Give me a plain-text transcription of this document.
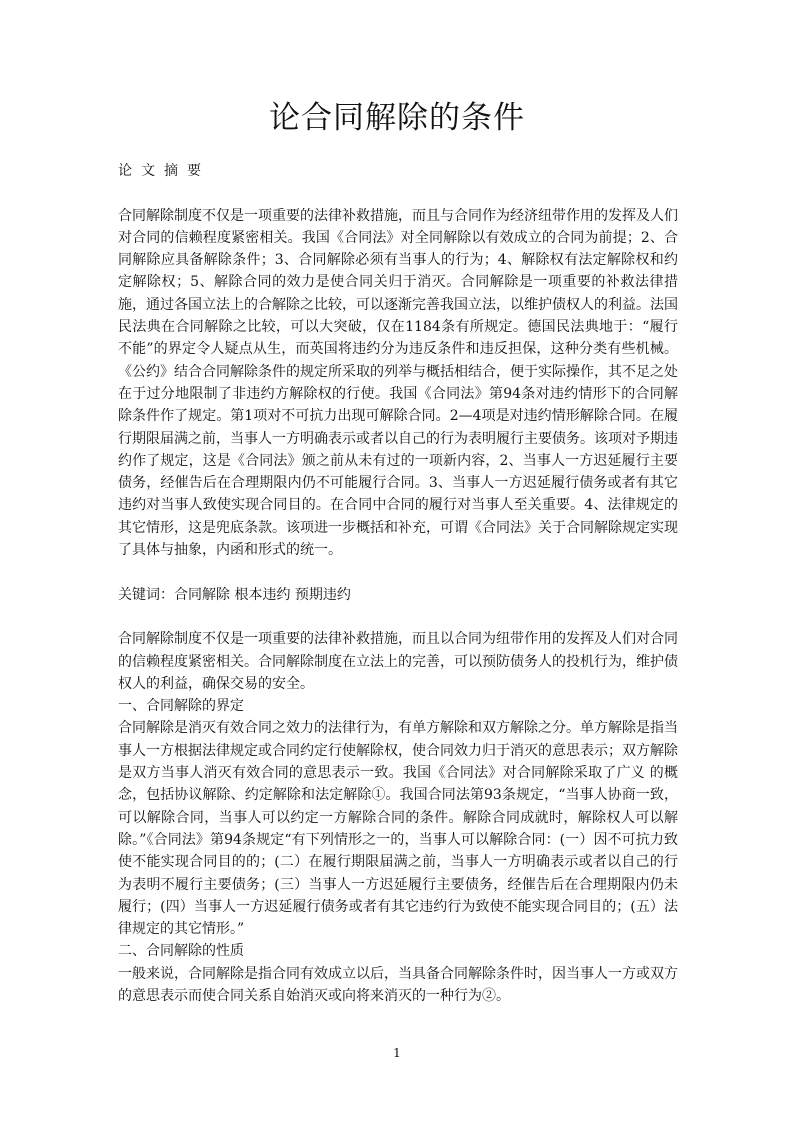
论合同解除的条件

论文摘要

合同解除制度不仅是一项重要的法律补救措施，而且与合同作为经济纽带作用的发挥及人们对合同的信赖程度紧密相关。我国《合同法》对全同解除以有效成立的合同为前提；2、合同解除应具备解除条件；3、合同解除必须有当事人的行为；4、解除权有法定解除权和约定解除权；5、解除合同的效力是使合同关归于消灭。合同解除是一项重要的补救法律措施，通过各国立法上的合解除之比较，可以逐渐完善我国立法，以维护债权人的利益。法国民法典在合同解除之比较，可以大突破，仅在1184条有所规定。德国民法典地于：“履行不能”的界定令人疑点从生，而英国将违约分为违反条件和违反担保，这种分类有些机械。《公约》结合合同解除条件的规定所采取的列举与概括相结合，便于实际操作，其不足之处在于过分地限制了非违约方解除权的行使。我国《合同法》第94条对违约情形下的合同解除条件作了规定。第1项对不可抗力出现可解除合同。2—4项是对违约情形解除合同。在履行期限届满之前，当事人一方明确表示或者以自己的行为表明履行主要债务。该项对予期违约作了规定，这是《合同法》颁之前从未有过的一项新内容，2、当事人一方迟延履行主要债务，经催告后在合理期限内仍不可能履行合同。3、当事人一方迟延履行债务或者有其它违约对当事人致使实现合同目的。在合同中合同的履行对当事人至关重要。4、法律规定的其它情形，这是兜底条款。该项进一步概括和补充，可谓《合同法》关于合同解除规定实现了具体与抽象，内函和形式的统一。

关键词：合同解除 根本违约 预期违约

合同解除制度不仅是一项重要的法律补救措施，而且以合同为纽带作用的发挥及人们对合同的信赖程度紧密相关。合同解除制度在立法上的完善，可以预防债务人的投机行为，维护债权人的利益，确保交易的安全。

一、合同解除的界定

合同解除是消灭有效合同之效力的法律行为，有单方解除和双方解除之分。单方解除是指当事人一方根据法律规定或合同约定行使解除权，使合同效力归于消灭的意思表示；双方解除是双方当事人消灭有效合同的意思表示一致。我国《合同法》对合同解除采取了广义 的概念，包括协议解除、约定解除和法定解除①。我国合同法第93条规定，“当事人协商一致，可以解除合同，当事人可以约定一方解除合同的条件。解除合同成就时，解除权人可以解除。”《合同法》第94条规定“有下列情形之一的，当事人可以解除合同：(一）因不可抗力致使不能实现合同目的的；(二）在履行期限届满之前，当事人一方明确表示或者以自己的行为表明不履行主要债务；(三）当事人一方迟延履行主要债务，经催告后在合理期限内仍未履行；(四）当事人一方迟延履行债务或者有其它违约行为致使不能实现合同目的；(五）法律规定的其它情形。”

二、合同解除的性质

一般来说，合同解除是指合同有效成立以后，当具备合同解除条件时，因当事人一方或双方的意思表示而使合同关系自始消灭或向将来消灭的一种行为②。

1
